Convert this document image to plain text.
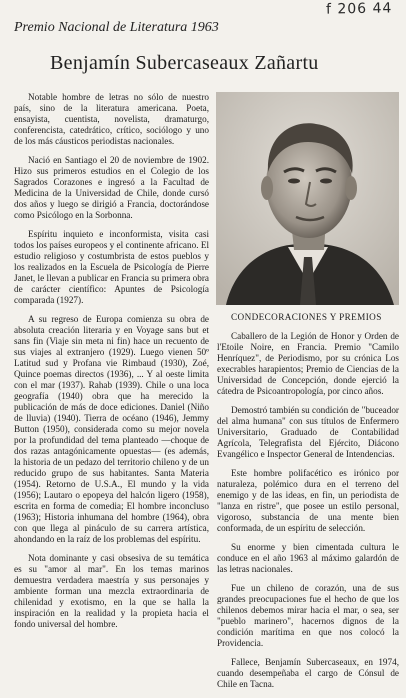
f 206 44
Premio Nacional de Literatura 1963
Benjamín Subercaseaux Zañartu

Notable hombre de letras no sólo de nuestro país, sino de la literatura americana. Poeta, ensayista, cuentista, novelista, dramaturgo, conferencista, catedrático, crítico, sociólogo y uno de los más cáusticos periodistas nacionales.

Nació en Santiago el 20 de noviembre de 1902. Hizo sus primeros estudios en el Colegio de los Sagrados Corazones e ingresó a la Facultad de Medicina de la Universidad de Chile, donde cursó dos años y luego se dirigió a Francia, doctorándose como Psicólogo en la Sorbonna.

Espíritu inquieto e inconformista, visita casi todos los países europeos y el continente africano. El estudio religioso y costumbrista de estos pueblos y los realizados en la Escuela de Psicología de Pierre Janet, le llevan a publicar en Francia su primera obra de carácter científico: Apuntes de Psicología comparada (1927).

A su regreso de Europa comienza su obra de absoluta creación literaria y en Voyage sans but et sans fin (Viaje sin meta ni fin) hace un recuento de sus viajes al extranjero (1929). Luego vienen 50º Latitud sud y Profana vie Rimbaud (1930), Zoé, Quince poemas directos (1936), ... Y al oeste limita con el mar (1937). Rahab (1939). Chile o una loca geografía (1940) obra que ha merecido la publicación de más de doce ediciones. Daniel (Niño de lluvia) (1940). Tierra de océano (1946), Jemmy Button (1950), considerada como su mejor novela por la profundidad del tema planteado —choque de dos razas antagónicamente opuestas— (es además, la historia de un pedazo del territorio chileno y de un reducido grupo de sus habitantes. Santa Materia (1954). Retorno de U.S.A., El mundo y la vida (1956); Lautaro o epopeya del halcón ligero (1958), escrita en forma de comedia; El hombre inconcluso (1963); Historia inhumana del hombre (1964), obra con que llega al pináculo de su carrera artística, ahondando en la raíz de los problemas del espíritu.

Nota dominante y casi obsesiva de su temática es su "amor al mar". En los temas marinos demuestra verdadera maestría y sus personajes y ambiente forman una mezcla extraordinaria de chilenidad y exotismo, en la que se halla la inspiración en la realidad y la propieta hacia el fondo universal del hombre.

CONDECORACIONES Y PREMIOS

Caballero de la Legión de Honor y Orden de l'Etoile Noire, en Francia. Premio "Camilo Henríquez", de Periodismo, por su crónica Los execrables harapientos; Premio de Ciencias de la Universidad de Concepción, donde ejerció la cátedra de Psicoantropología, por cinco años.

Demostró también su condición de "buceador del alma humana" con sus títulos de Enfermero Universitario, Graduado de Contabilidad Agrícola, Telegrafista del Ejército, Diácono Evangélico e Inspector General de Intendencias.

Este hombre polifacético es irónico por naturaleza, polémico dura en el terreno del enemigo y de las ideas, en fin, un periodista de "lanza en ristre", que posee un estilo personal, vigoroso, substancia de una mente bien conformada, de un espíritu de selección.

Su enorme y bien cimentada cultura le conduce en el año 1963 al máximo galardón de las letras nacionales.

Fue un chileno de corazón, una de sus grandes preocupaciones fue el hecho de que los chilenos debemos mirar hacia el mar, o sea, ser "pueblo marinero", hacernos dignos de la condición marítima en que nos colocó la Providencia.

Fallece, Benjamín Subercaseaux, en 1974, cuando desempeñaba el cargo de Cónsul de Chile en Tacna.
